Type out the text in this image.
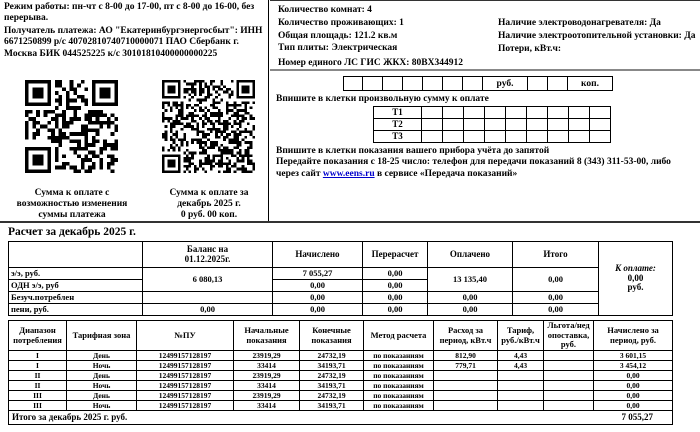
Режим работы: пн-чт с 8-00 до 17-00, пт с 8-00 до 16-00, без перерыва.

Получатель платежа: АО "Екатеринбургэнергосбыт": ИНН 6671250899 р/с 40702810740710000071 ПАО Сбербанк г. Москва БИК 044525225 к/с 30101810400000000225

Сумма к оплате с
возможностью изменения
суммы платежа
Сумма к оплате за
декабрь 2025 г.
0 руб. 00 коп.
Количество комнат: 4
Количество проживающих: 1
Общая площадь: 121.2 кв.м
Тип плиты: Электрическая
Наличие электроводонагревателя: Да
Наличие электроотопительной установки: Да
Потери, кВт.ч:
Номер единого ЛС ГИС ЖКХ: 80BX344912
руб.	коп.
Впишите в клетки произвольную сумму к оплате
Т1									
Т2									
Т3									
Впишите в клетки показания вашего прибора учёта до запятой
Передайте показания с 18-25 число: телефон для передачи показаний 8 (343) 311-53-00, либо через сайт www.eens.ru в сервисе «Передача показаний»
Расчет за декабрь 2025 г.

	Баланс на
01.12.2025г.	Начислено	Перерасчет	Оплачено	Итого	К оплате:
0,00
руб.

э/э, руб.	6 080,13	7 055,27	0,00	13 135,40	0,00	
ОДН э/э, руб		0,00	0,00			
Безуч.потреблен		0,00	0,00	0,00	0,00	
пени, руб.	0,00	0,00	0,00	0,00	0,00	
Диапазон потребления	Тарифная зона	№ПУ	Начальные показания	Конечные показания	Метод расчета	Расход за период, кВт.ч	Тариф, руб./кВт.ч	Льгота/нед опоставка, руб.	Начислено за период, руб.
I	День	12499157128197	23919,29	24732,19	по показаниям	812,90	4,43		3 601,15
I	Ночь	12499157128197	33414	34193,71	по показаниям	779,71	4,43		3 454,12
II	День	12499157128197	23919,29	24732,19	по показаниям				0,00
II	Ночь	12499157128197	33414	34193,71	по показаниям				0,00
III	День	12499157128197	23919,29	24732,19	по показаниям				0,00
III	Ночь	12499157128197	33414	34193,71	по показаниям				0,00

Итого за декабрь 2025 г. руб. 7 055,27									
